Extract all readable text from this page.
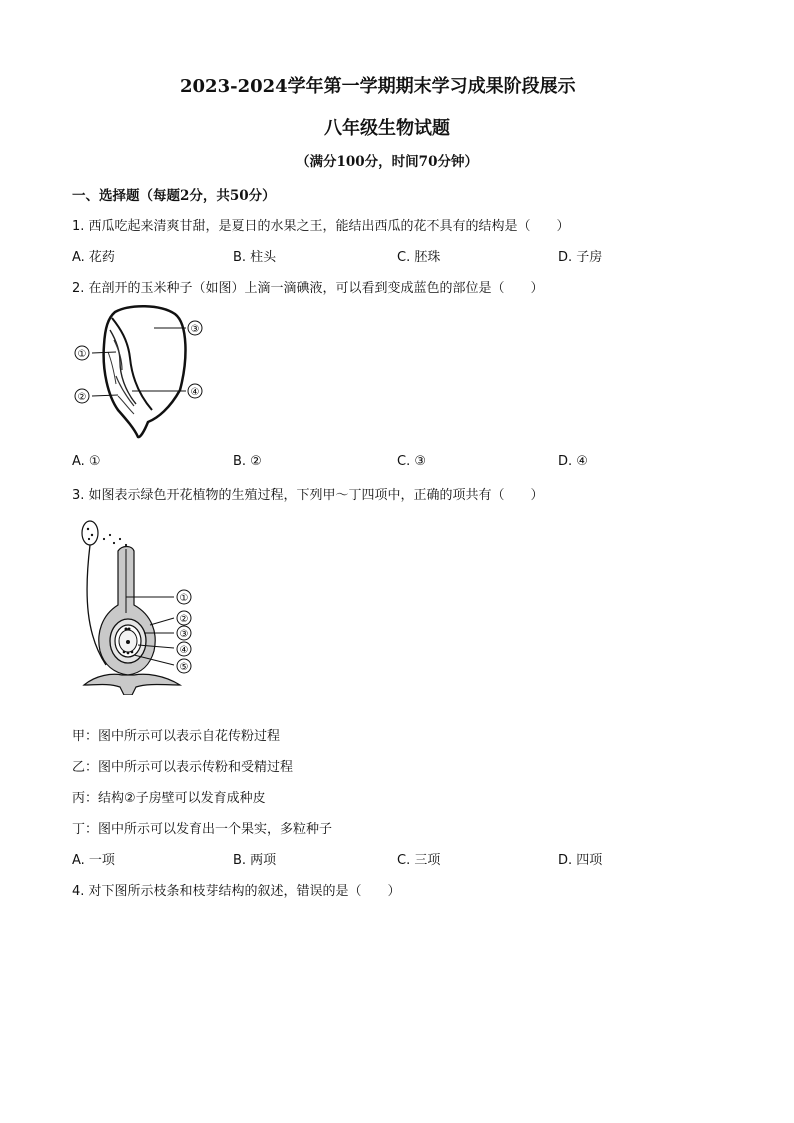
2023-2024学年第一学期期末学习成果阶段展示
八年级生物试题
（满分100分，时间70分钟）
一、选择题（每题2分，共50分）
1. 西瓜吃起来清爽甘甜，是夏日的水果之王，能结出西瓜的花不具有的结构是（　　）
A. 花药	B. 柱头	C. 胚珠	D. 子房
2. 在剖开的玉米种子（如图）上滴一滴碘液，可以看到变成蓝色的部位是（　　）
①
②
③
④
A. ①	B. ②	C. ③	D. ④
3. 如图表示绿色开花植物的生殖过程，下列甲～丁四项中，正确的项共有（　　）
①
②
③
④
⑤
甲：图中所示可以表示自花传粉过程
乙：图中所示可以表示传粉和受精过程
丙：结构②子房壁可以发育成种皮
丁：图中所示可以发育出一个果实，多粒种子
A. 一项	B. 两项	C. 三项	D. 四项
4. 对下图所示枝条和枝芽结构的叙述，错误的是（　　）
